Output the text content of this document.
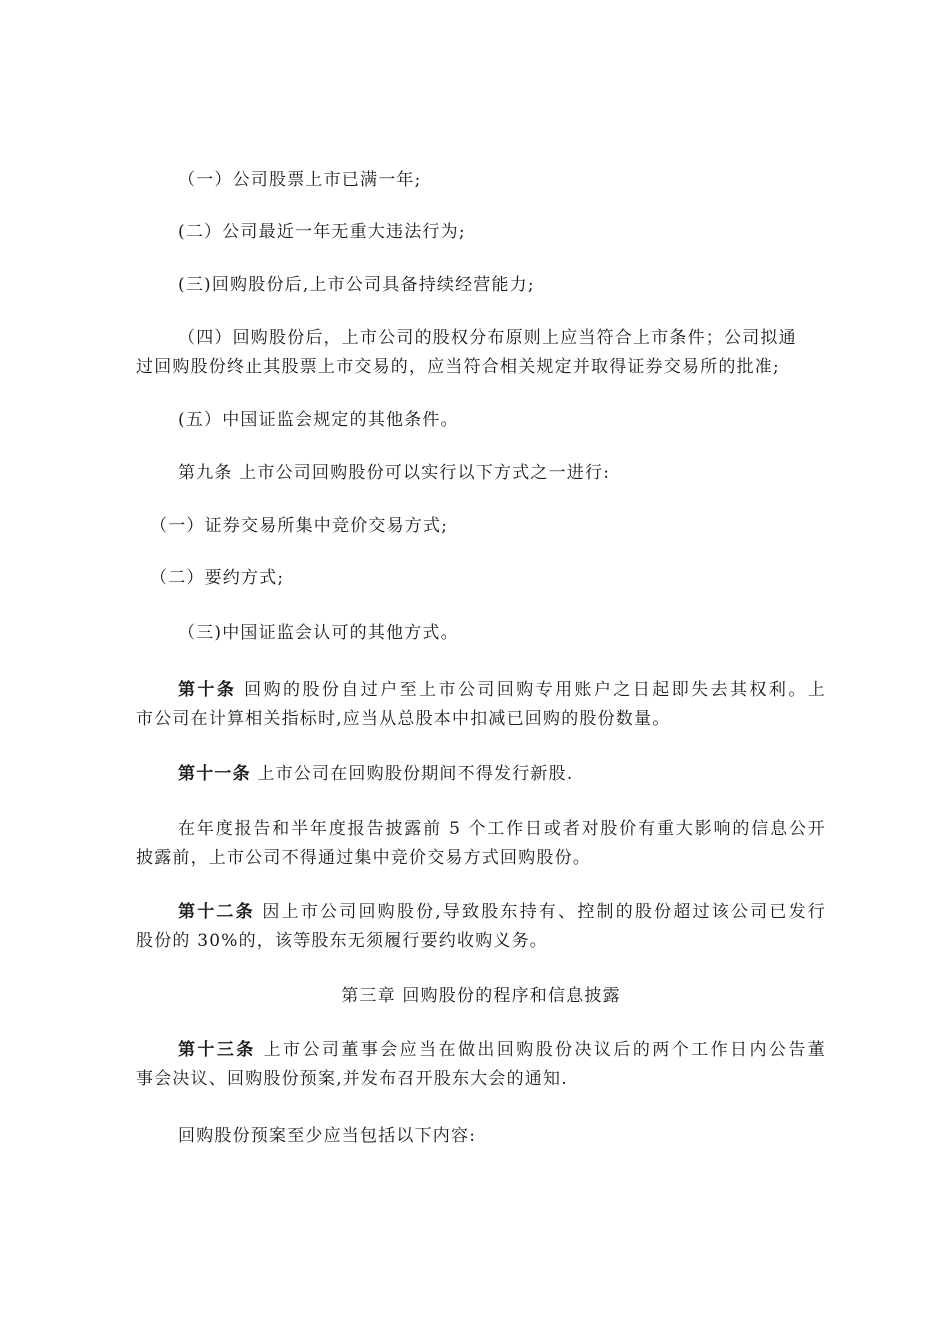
（一）公司股票上市已满一年;
(二）公司最近一年无重大违法行为;
(三)回购股份后,上市公司具备持续经营能力;
（四）回购股份后，上市公司的股权分布原则上应当符合上市条件；公司拟通
过回购股份终止其股票上市交易的，应当符合相关规定并取得证券交易所的批准;
(五）中国证监会规定的其他条件。
第九条 上市公司回购股份可以实行以下方式之一进行:
（一）证券交易所集中竞价交易方式;
（二）要约方式;
（三)中国证监会认可的其他方式。
第十条 回购的股份自过户至上市公司回购专用账户之日起即失去其权利。上
市公司在计算相关指标时,应当从总股本中扣减已回购的股份数量。
第十一条 上市公司在回购股份期间不得发行新股.
在年度报告和半年度报告披露前 5 个工作日或者对股价有重大影响的信息公开
披露前，上市公司不得通过集中竞价交易方式回购股份。
第十二条 因上市公司回购股份,导致股东持有、控制的股份超过该公司已发行
股份的 30%的，该等股东无须履行要约收购义务。
第三章 回购股份的程序和信息披露
第十三条 上市公司董事会应当在做出回购股份决议后的两个工作日内公告董
事会决议、回购股份预案,并发布召开股东大会的通知.
回购股份预案至少应当包括以下内容:
